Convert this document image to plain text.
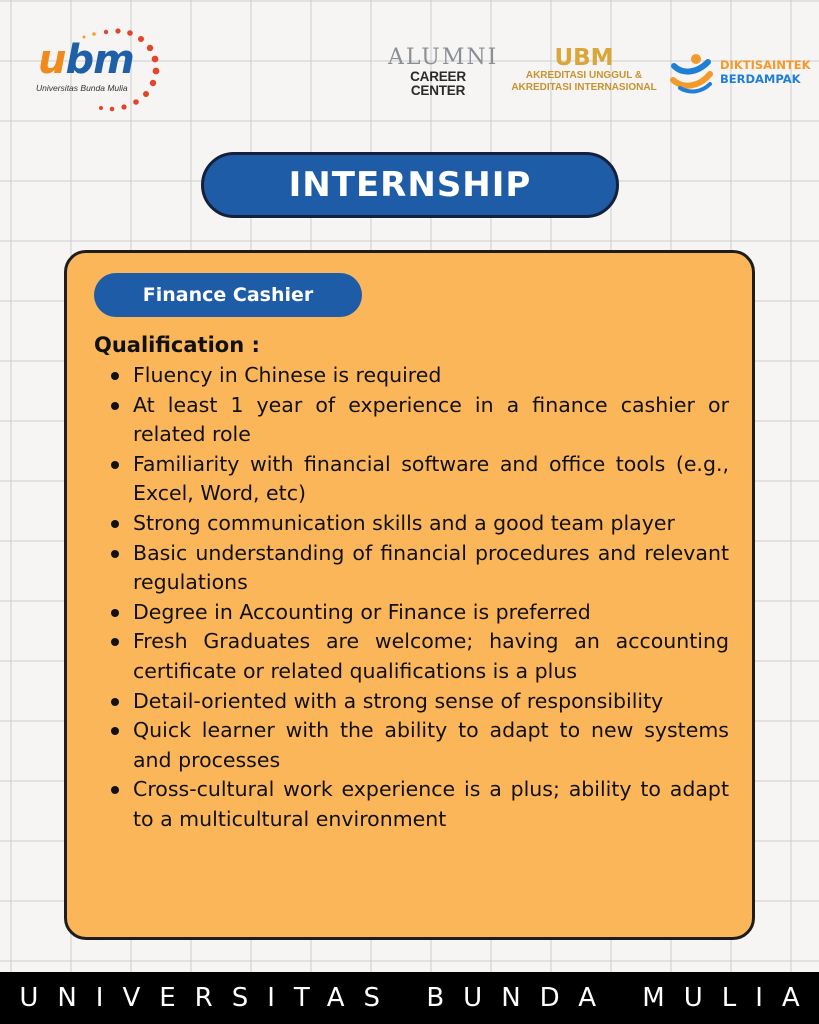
ubm
Universitas Bunda Mulia
ALUMNI
CAREER CENTER
UBM
AKREDITASI UNGGUL &
AKREDITASI INTERNASIONAL
DIKTISAINTEK
BERDAMPAK
INTERNSHIP
Finance Cashier
Qualification :
Fluency in Chinese is required
At least 1 year of experience in a finance cashier or related role
Familiarity with financial software and office tools (e.g., Excel, Word, etc)
Strong communication skills and a good team player
Basic understanding of financial procedures and relevant regulations
Degree in Accounting or Finance is preferred
Fresh Graduates are welcome; having an accounting certificate or related qualifications is a plus
Detail-oriented with a strong sense of responsibility
Quick learner with the ability to adapt to new systems and processes
Cross-cultural work experience is a plus; ability to adapt to a multicultural environment
UNIVERSITAS BUNDA MULIA
